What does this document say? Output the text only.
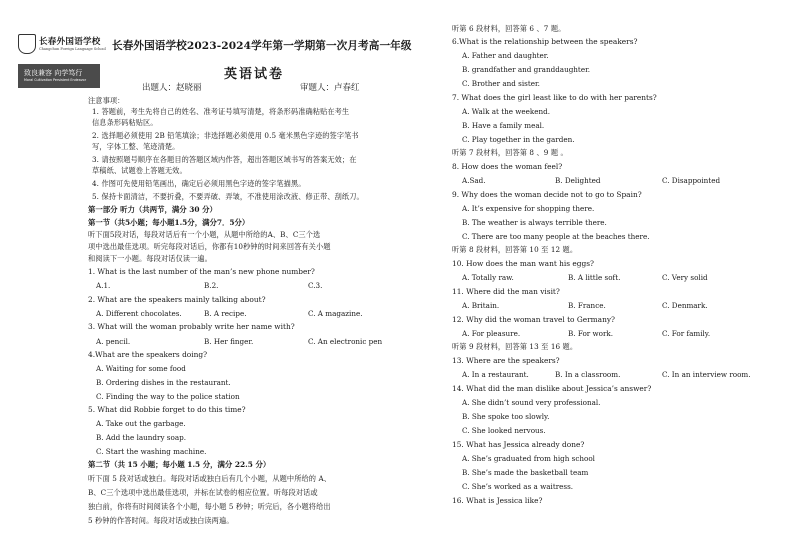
长春外国语学校
Changchun Foreign Language School
致良兼容 向学笃行
Moral Cultivation Persistent Endeavor
长春外国语学校2023-2024学年第一学期第一次月考高一年级
英语试卷
出题人：赵晓丽	审题人：卢春红
注意事项：
1. 答题前，考生先将自己的姓名、准考证号填写清楚，将条形码准确粘贴在考生
信息条形码粘贴区。
2. 选择题必须使用 2B 铅笔填涂；非选择题必须使用 0.5 毫米黑色字迹的签字笔书
写，字体工整、笔迹清楚。
3. 请按照题号顺序在各题目的答题区域内作答，超出答题区域书写的答案无效；在
草稿纸、试题卷上答题无效。
4. 作图可先使用铅笔画出，确定后必须用黑色字迹的签字笔描黑。
5. 保持卡面清洁，不要折叠，不要弄破、弄皱，不准使用涂改液、修正带、刮纸刀。
第一部分 听力（共两节，满分 30 分）
第一节（共5小题；每小题1.5分，满分7．5分）
听下面5段对话，每段对话后有一个小题，从题中所给的A、B、C三个选
项中选出最佳选项。听完每段对话后，你都有10秒钟的时间来回答有关小题
和阅读下一小题。每段对话仅读一遍。
1. What is the last number of the man’s new phone number?
A.1.	B.2.	C.3.
2. What are the speakers mainly talking about?
A. Different chocolates.	B. A recipe.	C. A magazine.
3. What will the woman probably write her name with?
A. pencil.	B. Her finger.	C. An electronic pen
4.What are the speakers doing?
A. Waiting for some food
B. Ordering dishes in the restaurant.
C. Finding the way to the police station
5. What did Robbie forget to do this time?
A. Take out the garbage.
B. Add the laundry soap.
C. Start the washing machine.
第二节（共 15 小题；每小题 1.5 分，满分 22.5 分）
听下面 5 段对话或独白。每段对话或独白后有几个小题，从题中所给的 A、
B、C三个选项中选出最佳选项，并标在试卷的相应位置。听每段对话或
独白前，你将有时间阅读各个小题，每小题 5 秒钟；听完后，各小题将给出
5 秒钟的作答时间。每段对话或独白读两遍。
听第 6 段材料，回答第 6 、7 题。
6.What is the relationship between the speakers?
A. Father and daughter.
B. grandfather and granddaughter.
C. Brother and sister.
7. What does the girl least like to do with her parents?
A. Walk at the weekend.
B. Have a family meal.
C. Play together in the garden.
听第 7 段材料，回答第 8 、9 题 。
8. How does the woman feel?
A.Sad.	B. Delighted	C. Disappointed
9. Why does the woman decide not to go to Spain?
A. It’s expensive for shopping there.
B. The weather is always terrible there.
C. There are too many people at the beaches there.
听第 8 段材料，回答第 10 至 12 题。
10. How does the man want his eggs?
A. Totally raw.	B. A little soft.	C. Very solid
11. Where did the man visit?
A. Britain.	B. France.	C. Denmark.
12. Why did the woman travel to Germany?
A. For pleasure.	B. For work.	C. For family.
听第 9 段材料，回答第 13 至 16 题。
13. Where are the speakers?
A. In a restaurant.	B. In a classroom.	C. In an interview room.
14. What did the man dislike about Jessica’s answer?
A. She didn’t sound very professional.
B. She spoke too slowly.
C. She looked nervous.
15. What has Jessica already done?
A. She’s graduated from high school
B. She’s made the basketball team
C. She’s worked as a waitress.
16. What is Jessica like?
